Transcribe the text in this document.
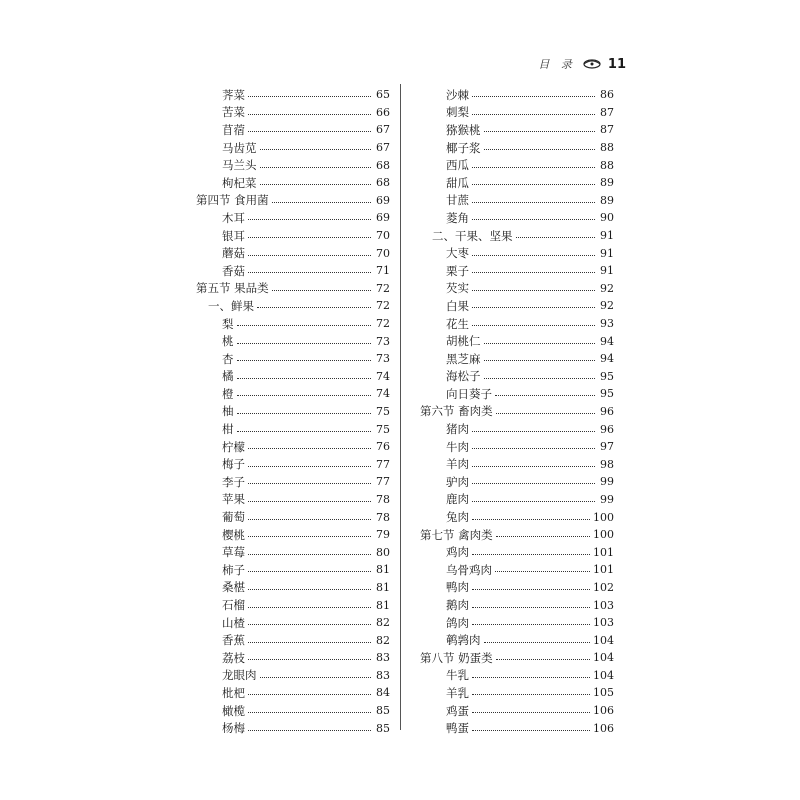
目 录 11
荠菜	65
苦菜	66
苜蓿	67
马齿苋	67
马兰头	68
枸杞菜	68
第四节 食用菌	69
木耳	69
银耳	70
蘑菇	70
香菇	71
第五节 果品类	72
一、鲜果	72
梨	72
桃	73
杏	73
橘	74
橙	74
柚	75
柑	75
柠檬	76
梅子	77
李子	77
苹果	78
葡萄	78
樱桃	79
草莓	80
柿子	81
桑椹	81
石榴	81
山楂	82
香蕉	82
荔枝	83
龙眼肉	83
枇杷	84
橄榄	85
杨梅	85
沙棘	86
刺梨	87
猕猴桃	87
椰子浆	88
西瓜	88
甜瓜	89
甘蔗	89
菱角	90
二、干果、坚果	91
大枣	91
栗子	91
芡实	92
白果	92
花生	93
胡桃仁	94
黑芝麻	94
海松子	95
向日葵子	95
第六节 畜肉类	96
猪肉	96
牛肉	97
羊肉	98
驴肉	99
鹿肉	99
兔肉	100
第七节 禽肉类	100
鸡肉	101
乌骨鸡肉	101
鸭肉	102
鹅肉	103
鸽肉	103
鹌鹑肉	104
第八节 奶蛋类	104
牛乳	104
羊乳	105
鸡蛋	106
鸭蛋	106
